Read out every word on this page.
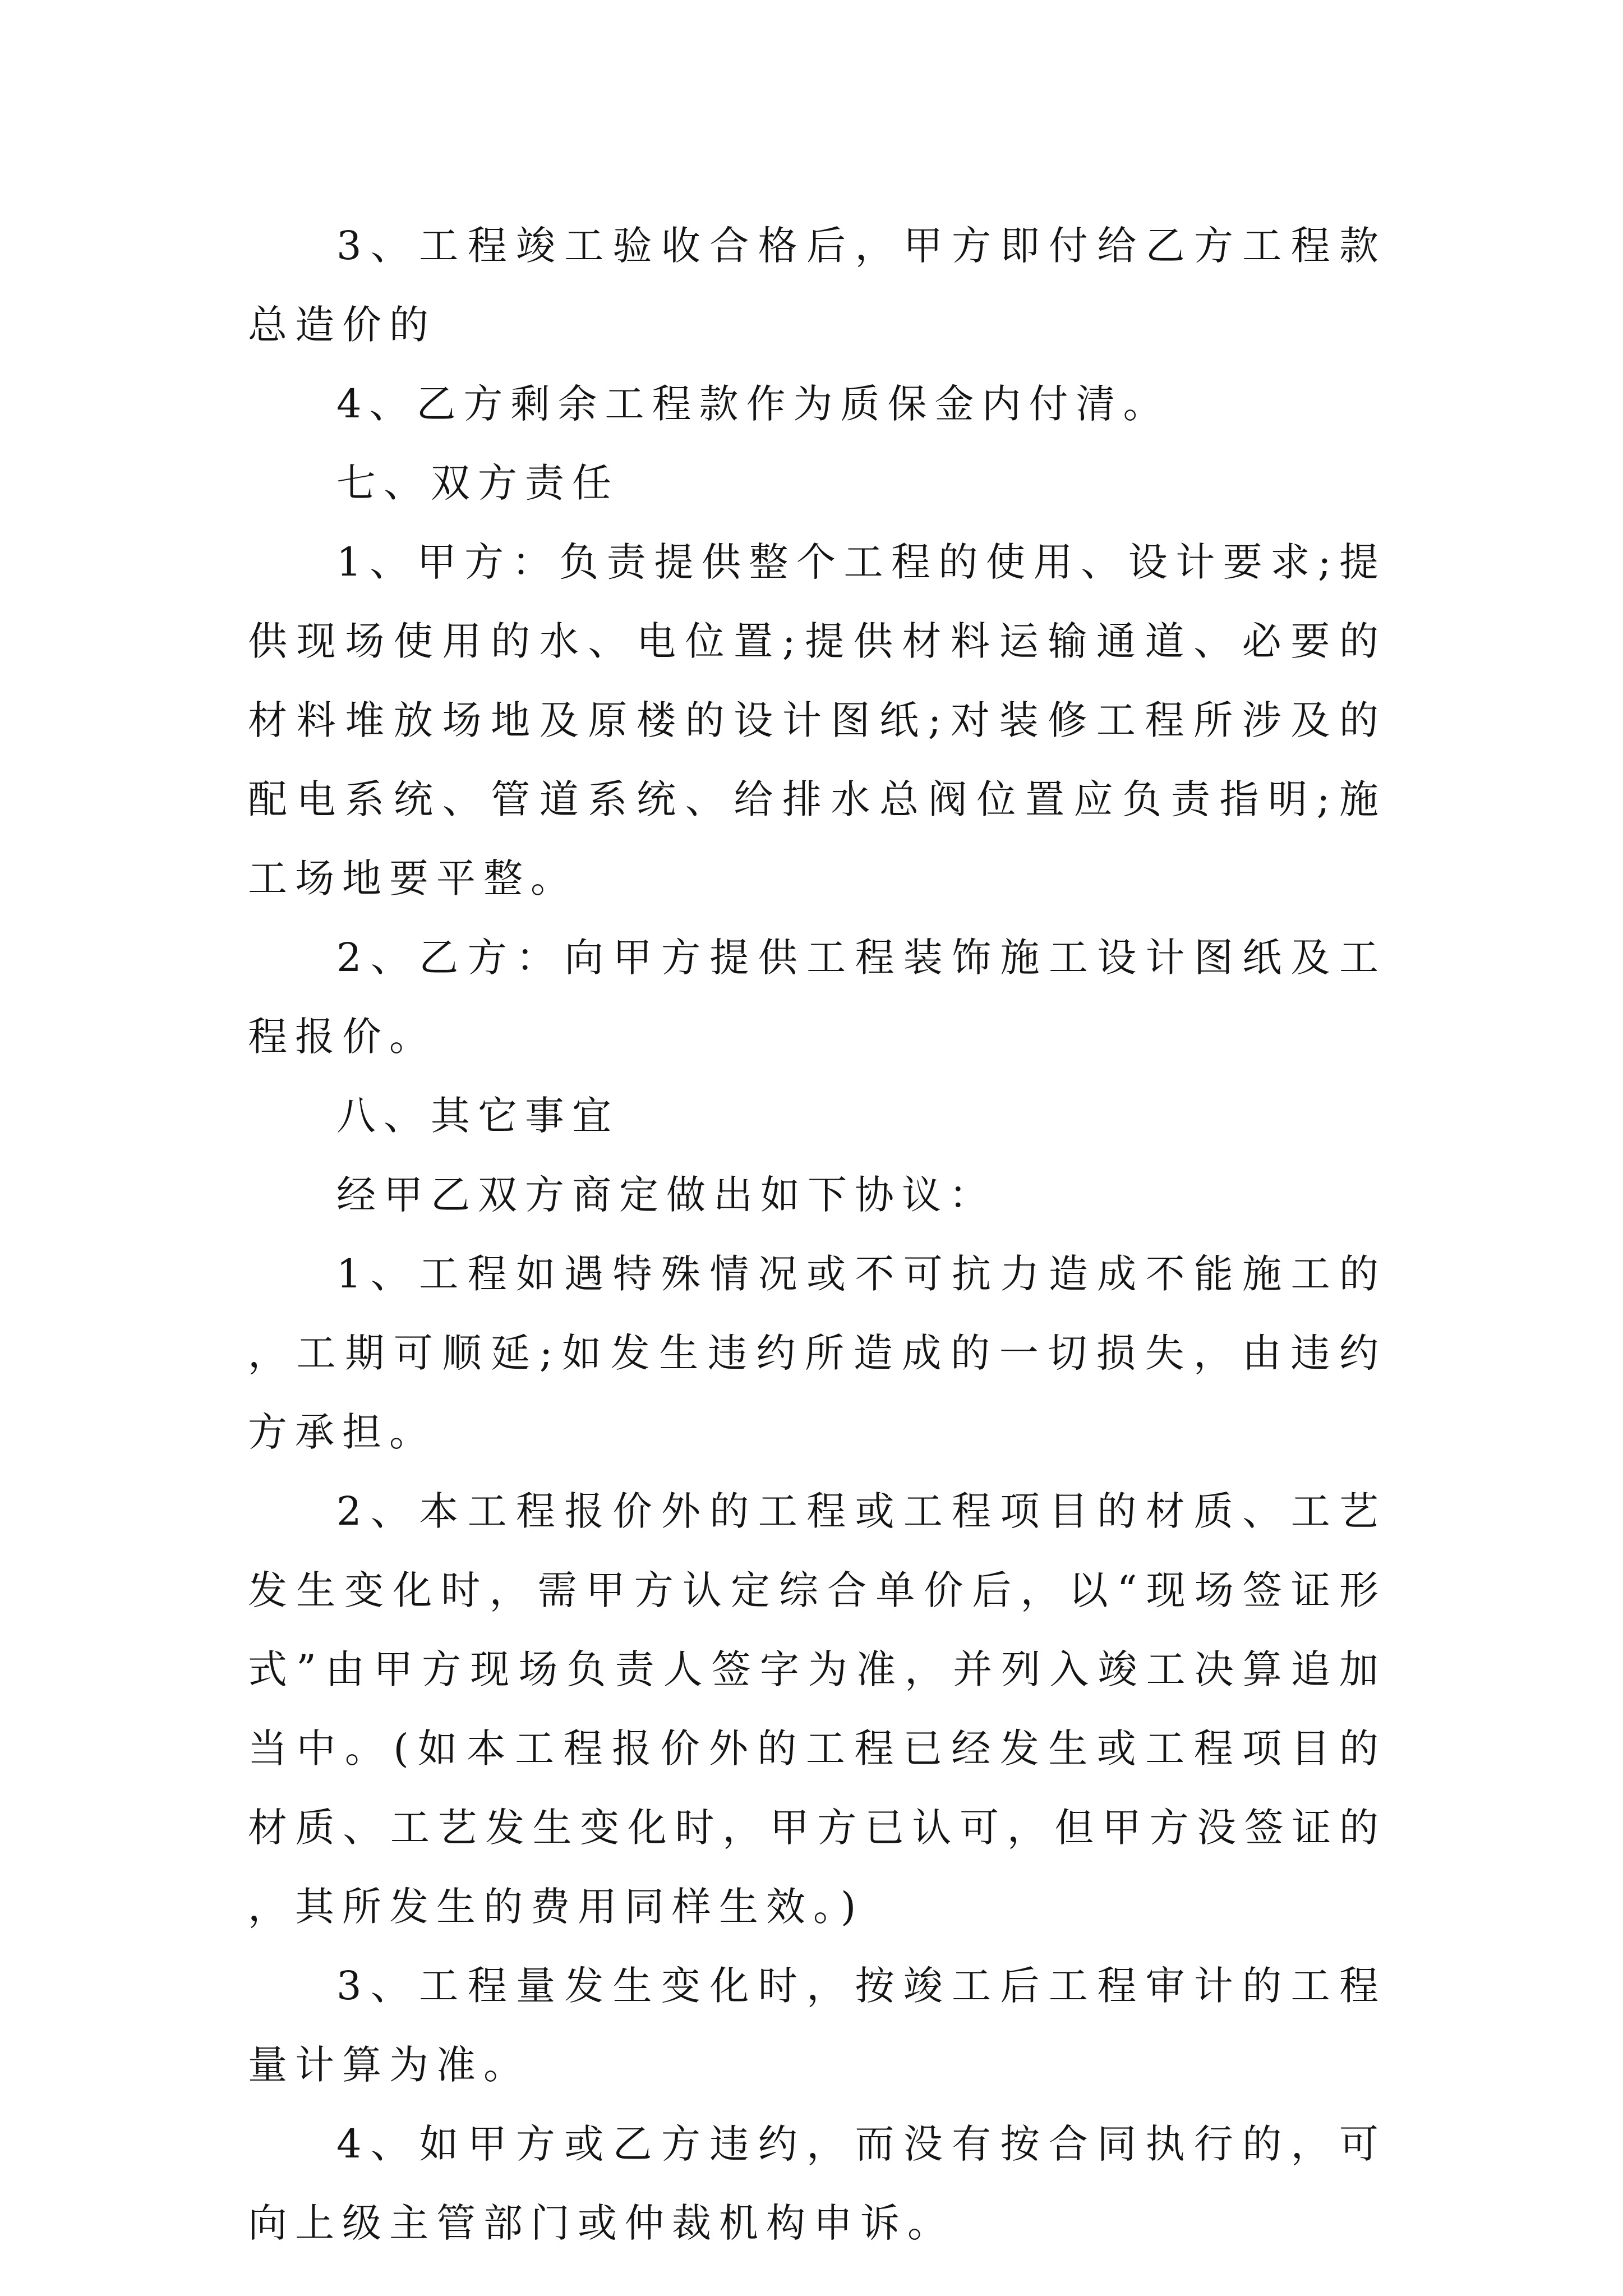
3、工程竣工验收合格后，甲方即付给乙方工程款总造价的

4、乙方剩余工程款作为质保金内付清。

七、双方责任

1、甲方：负责提供整个工程的使用、设计要求;提供现场使用的水、电位置;提供材料运输通道、必要的材料堆放场地及原楼的设计图纸;对装修工程所涉及的配电系统、管道系统、给排水总阀位置应负责指明;施工场地要平整。

2、乙方：向甲方提供工程装饰施工设计图纸及工程报价。

八、其它事宜

经甲乙双方商定做出如下协议：

1、工程如遇特殊情况或不可抗力造成不能施工的，工期可顺延;如发生违约所造成的一切损失，由违约方承担。

2、本工程报价外的工程或工程项目的材质、工艺发生变化时，需甲方认定综合单价后，以“现场签证形式”由甲方现场负责人签字为准，并列入竣工决算追加当中。(如本工程报价外的工程已经发生或工程项目的材质、工艺发生变化时，甲方已认可，但甲方没签证的，其所发生的费用同样生效。)

3、工程量发生变化时，按竣工后工程审计的工程量计算为准。

4、如甲方或乙方违约，而没有按合同执行的，可向上级主管部门或仲裁机构申诉。
